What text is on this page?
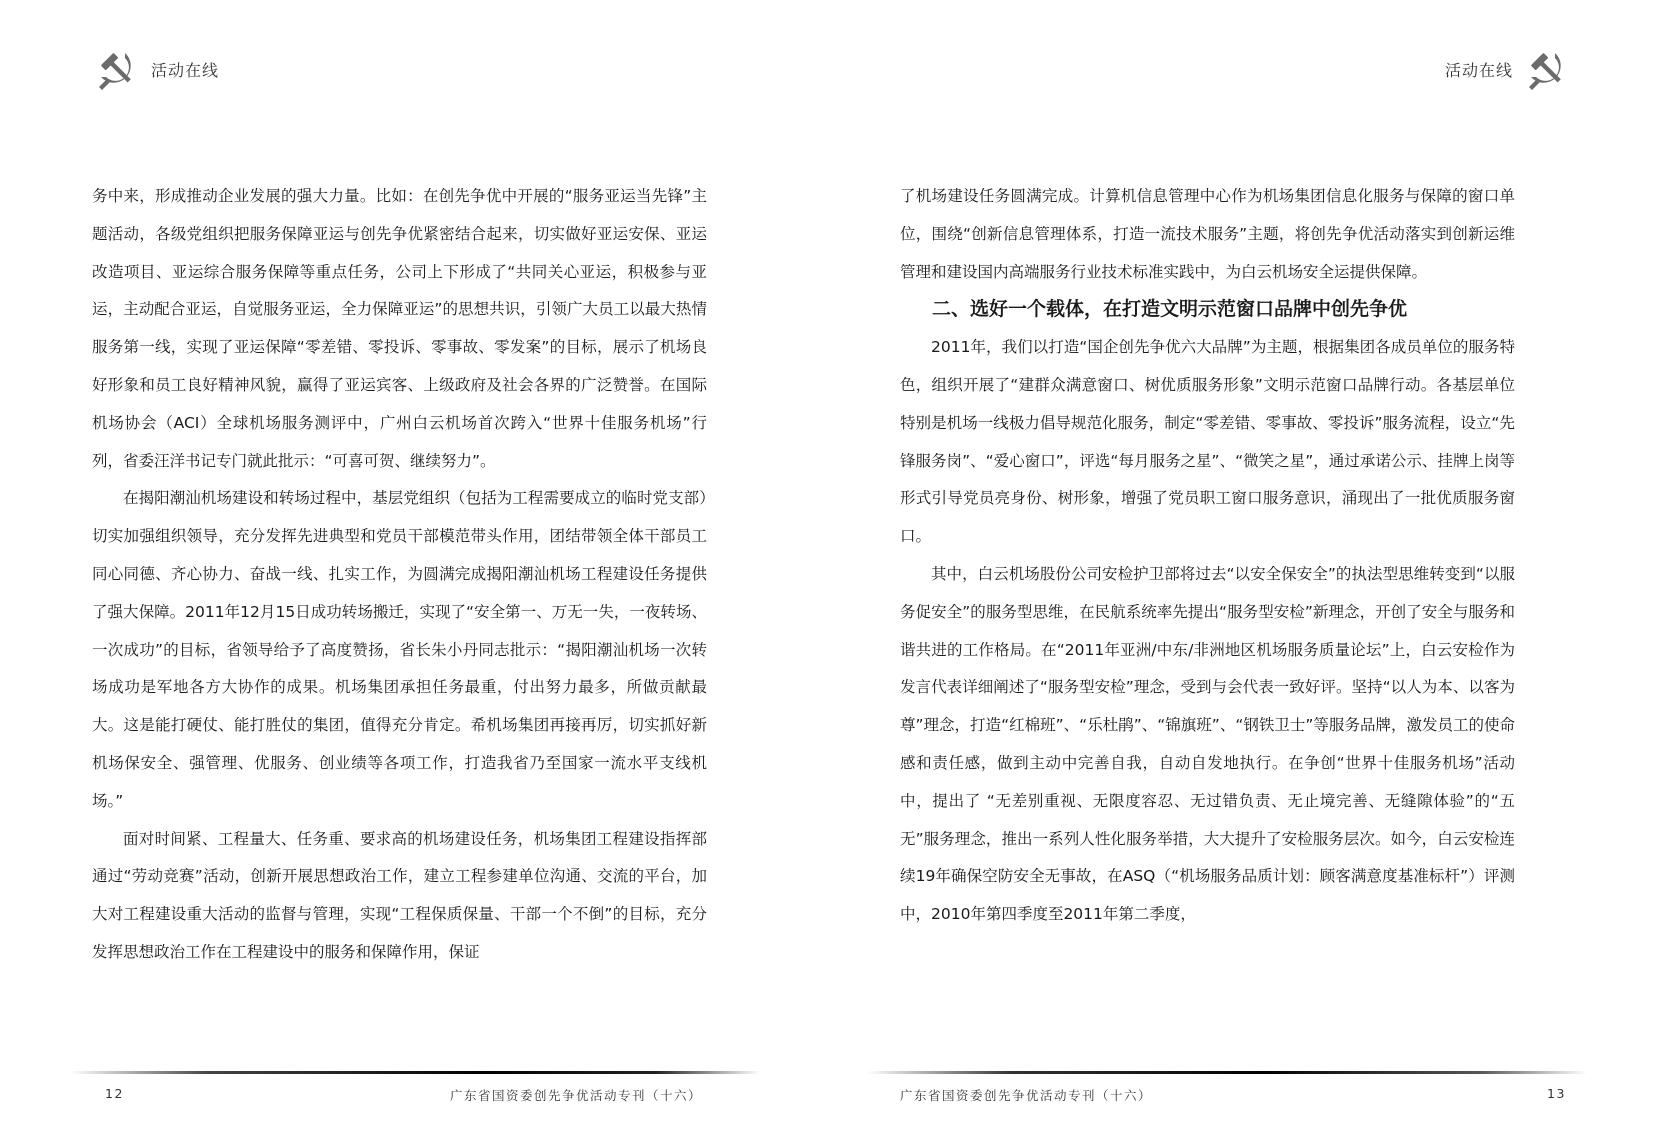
活动在线

务中来，形成推动企业发展的强大力量。比如：在创先争优中开展的“服务亚运当先锋”主题活动，各级党组织把服务保障亚运与创先争优紧密结合起来，切实做好亚运安保、亚运改造项目、亚运综合服务保障等重点任务，公司上下形成了“共同关心亚运，积极参与亚运，主动配合亚运，自觉服务亚运，全力保障亚运”的思想共识，引领广大员工以最大热情服务第一线，实现了亚运保障“零差错、零投诉、零事故、零发案”的目标，展示了机场良好形象和员工良好精神风貌，赢得了亚运宾客、上级政府及社会各界的广泛赞誉。在国际机场协会（ACI）全球机场服务测评中，广州白云机场首次跨入“世界十佳服务机场”行列，省委汪洋书记专门就此批示：“可喜可贺、继续努力”。

在揭阳潮汕机场建设和转场过程中，基层党组织（包括为工程需要成立的临时党支部）切实加强组织领导，充分发挥先进典型和党员干部模范带头作用，团结带领全体干部员工同心同德、齐心协力、奋战一线、扎实工作，为圆满完成揭阳潮汕机场工程建设任务提供了强大保障。2011年12月15日成功转场搬迁，实现了“安全第一、万无一失，一夜转场、一次成功”的目标，省领导给予了高度赞扬，省长朱小丹同志批示：“揭阳潮汕机场一次转场成功是军地各方大协作的成果。机场集团承担任务最重，付出努力最多，所做贡献最大。这是能打硬仗、能打胜仗的集团，值得充分肯定。希机场集团再接再厉，切实抓好新机场保安全、强管理、优服务、创业绩等各项工作，打造我省乃至国家一流水平支线机场。”

面对时间紧、工程量大、任务重、要求高的机场建设任务，机场集团工程建设指挥部通过“劳动竞赛”活动，创新开展思想政治工作，建立工程参建单位沟通、交流的平台，加大对工程建设重大活动的监督与管理，实现“工程保质保量、干部一个不倒”的目标，充分发挥思想政治工作在工程建设中的服务和保障作用，保证

12	广东省国资委创先争优活动专刊（十六）
活动在线

了机场建设任务圆满完成。计算机信息管理中心作为机场集团信息化服务与保障的窗口单位，围绕“创新信息管理体系，打造一流技术服务”主题，将创先争优活动落实到创新运维管理和建设国内高端服务行业技术标准实践中，为白云机场安全运提供保障。

二、选好一个载体，在打造文明示范窗口品牌中创先争优

2011年，我们以打造“国企创先争优六大品牌”为主题，根据集团各成员单位的服务特色，组织开展了“建群众满意窗口、树优质服务形象”文明示范窗口品牌行动。各基层单位特别是机场一线极力倡导规范化服务，制定“零差错、零事故、零投诉”服务流程，设立“先锋服务岗”、“爱心窗口”，评选“每月服务之星”、“微笑之星”，通过承诺公示、挂牌上岗等形式引导党员亮身份、树形象，增强了党员职工窗口服务意识，涌现出了一批优质服务窗口。

其中，白云机场股份公司安检护卫部将过去“以安全保安全”的执法型思维转变到“以服务促安全”的服务型思维，在民航系统率先提出“服务型安检”新理念，开创了安全与服务和谐共进的工作格局。在“2011年亚洲/中东/非洲地区机场服务质量论坛”上，白云安检作为发言代表详细阐述了“服务型安检”理念，受到与会代表一致好评。坚持“以人为本、以客为尊”理念，打造“红棉班”、“乐杜鹃”、“锦旗班”、“钢铁卫士”等服务品牌，激发员工的使命感和责任感，做到主动中完善自我，自动自发地执行。在争创“世界十佳服务机场”活动中，提出了 “无差别重视、无限度容忍、无过错负责、无止境完善、无缝隙体验”的“五无”服务理念，推出一系列人性化服务举措，大大提升了安检服务层次。如今，白云安检连续19年确保空防安全无事故，在ASQ（“机场服务品质计划：顾客满意度基准标杆”）评测中，2010年第四季度至2011年第二季度，

广东省国资委创先争优活动专刊（十六）	13
